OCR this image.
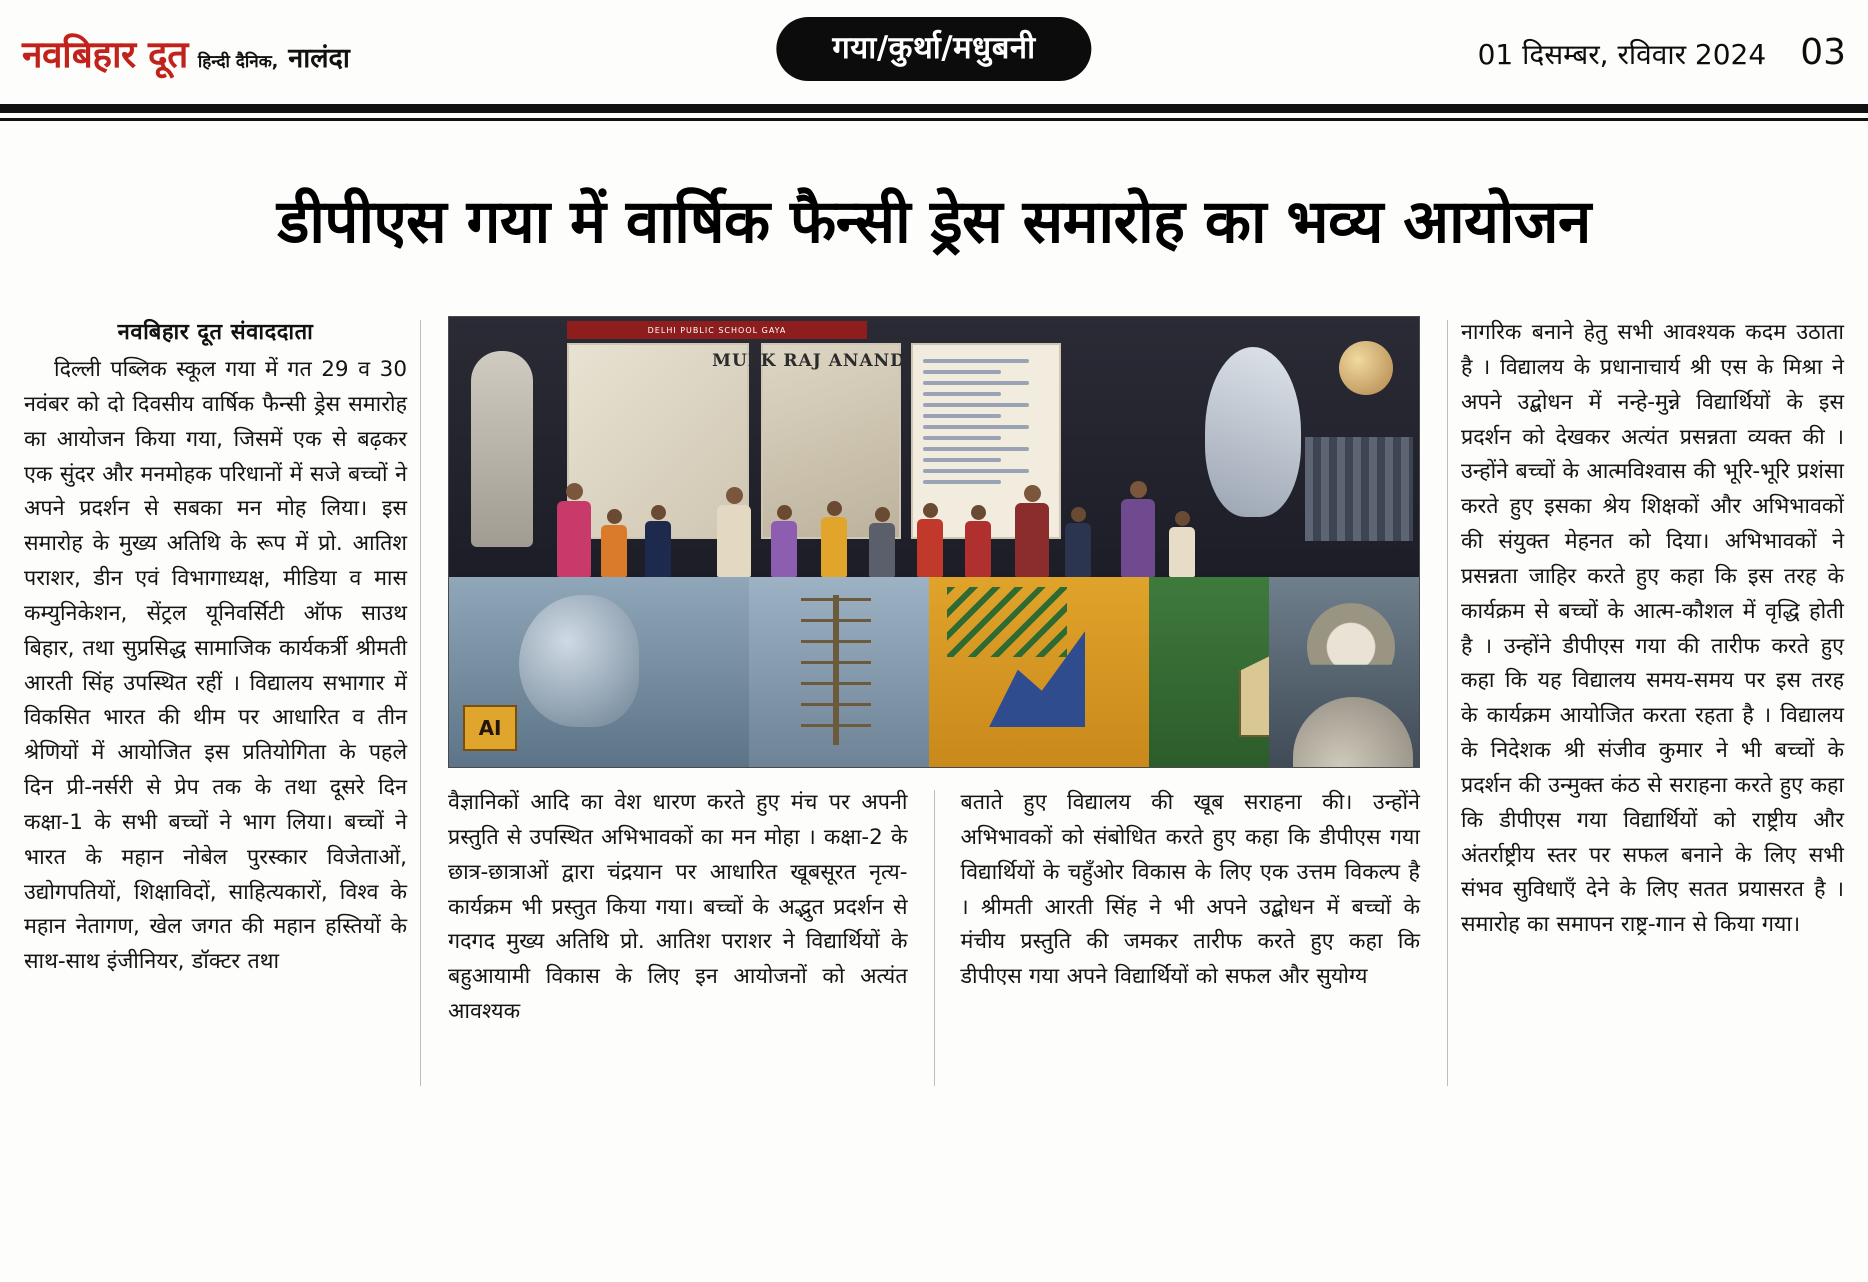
नवबिहार दूत हिन्दी दैनिक, नालंदा	गया/कुर्था/मधुबनी	01 दिसम्बर, रविवार 2024 03
डीपीएस गया में वार्षिक फैन्सी ड्रेस समारोह का भव्य आयोजन
नवबिहार दूत संवाददाता

दिल्ली पब्लिक स्कूल गया में गत 29 व 30 नवंबर को दो दिवसीय वार्षिक फैन्सी ड्रेस समारोह का आयोजन किया गया, जिसमें एक से बढ़कर एक सुंदर और मनमोहक परिधानों में सजे बच्चों ने अपने प्रदर्शन से सबका मन मोह लिया। इस समारोह के मुख्य अतिथि के रूप में प्रो. आतिश पराशर, डीन एवं विभागाध्यक्ष, मीडिया व मास कम्युनिकेशन, सेंट्रल यूनिवर्सिटी ऑफ साउथ बिहार, तथा सुप्रसिद्ध सामाजिक कार्यकर्त्री श्रीमती आरती सिंह उपस्थित रहीं । विद्यालय सभागार में विकसित भारत की थीम पर आधारित व तीन श्रेणियों में आयोजित इस प्रतियोगिता के पहले दिन प्री-नर्सरी से प्रेप तक के तथा दूसरे दिन कक्षा-1 के सभी बच्चों ने भाग लिया। बच्चों ने भारत के महान नोबेल पुरस्कार विजेताओं, उद्योगपतियों, शिक्षाविदों, साहित्यकारों, विश्व के महान नेतागण, खेल जगत की महान हस्तियों के साथ-साथ इंजीनियर, डॉक्टर तथा

DELHI PUBLIC SCHOOL GAYA
MULK RAJ ANAND
AI

वैज्ञानिकों आदि का वेश धारण करते हुए मंच पर अपनी प्रस्तुति से उपस्थित अभिभावकों का मन मोहा । कक्षा-2 के छात्र-छात्राओं द्वारा चंद्रयान पर आधारित खूबसूरत नृत्य-कार्यक्रम भी प्रस्तुत किया गया। बच्चों के अद्भुत प्रदर्शन से गदगद मुख्य अतिथि प्रो. आतिश पराशर ने विद्यार्थियों के बहुआयामी विकास के लिए इन आयोजनों को अत्यंत आवश्यक

बताते हुए विद्यालय की खूब सराहना की। उन्होंने अभिभावकों को संबोधित करते हुए कहा कि डीपीएस गया विद्यार्थियों के चहुँओर विकास के लिए एक उत्तम विकल्प है । श्रीमती आरती सिंह ने भी अपने उद्बोधन में बच्चों के मंचीय प्रस्तुति की जमकर तारीफ करते हुए कहा कि डीपीएस गया अपने विद्यार्थियों को सफल और सुयोग्य

नागरिक बनाने हेतु सभी आवश्यक कदम उठाता है । विद्यालय के प्रधानाचार्य श्री एस के मिश्रा ने अपने उद्बोधन में नन्हे-मुन्ने विद्यार्थियों के इस प्रदर्शन को देखकर अत्यंत प्रसन्नता व्यक्त की । उन्होंने बच्चों के आत्मविश्वास की भूरि-भूरि प्रशंसा करते हुए इसका श्रेय शिक्षकों और अभिभावकों की संयुक्त मेहनत को दिया। अभिभावकों ने प्रसन्नता जाहिर करते हुए कहा कि इस तरह के कार्यक्रम से बच्चों के आत्म-कौशल में वृद्धि होती है । उन्होंने डीपीएस गया की तारीफ करते हुए कहा कि यह विद्यालय समय-समय पर इस तरह के कार्यक्रम आयोजित करता रहता है । विद्यालय के निदेशक श्री संजीव कुमार ने भी बच्चों के प्रदर्शन की उन्मुक्त कंठ से सराहना करते हुए कहा कि डीपीएस गया विद्यार्थियों को राष्ट्रीय और अंतर्राष्ट्रीय स्तर पर सफल बनाने के लिए सभी संभव सुविधाएँ देने के लिए सतत प्रयासरत है । समारोह का समापन राष्ट्र-गान से किया गया।
